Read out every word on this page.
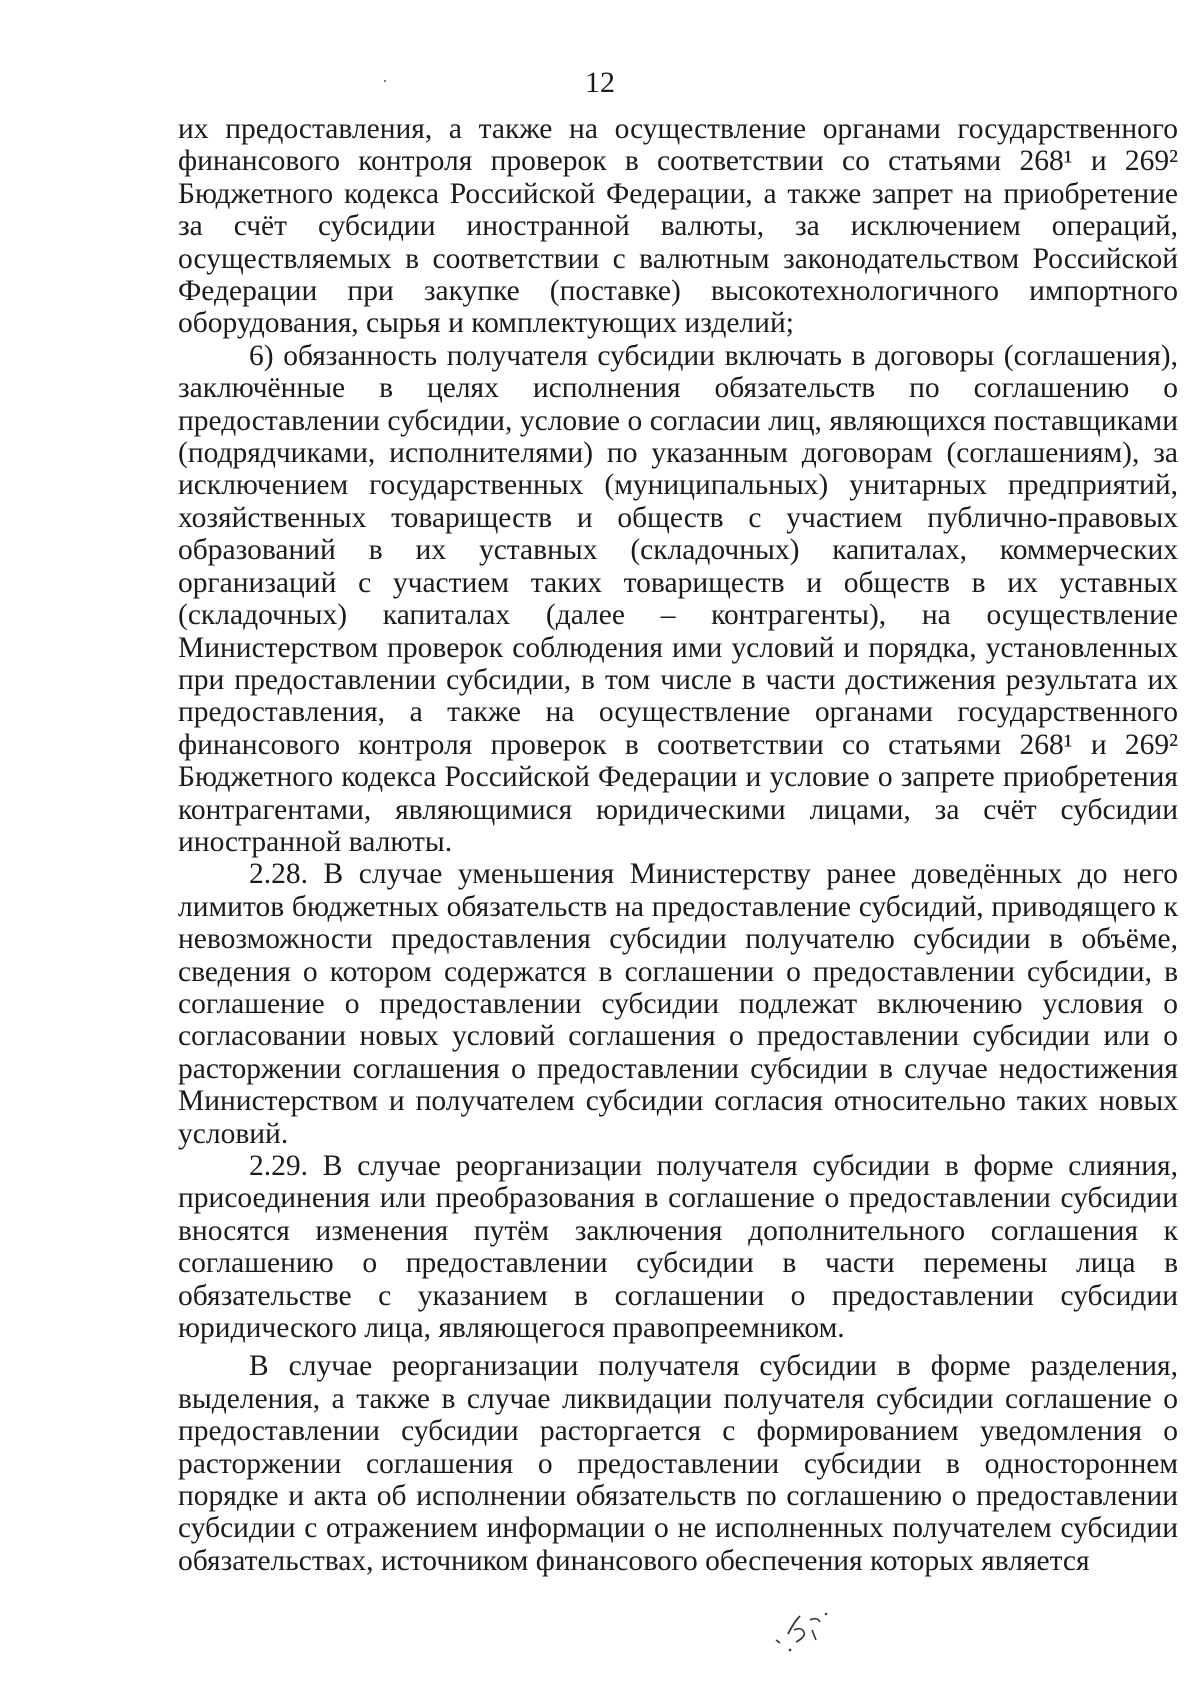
12

их предоставления, а также на осуществление органами государственного финансового контроля проверок в соответствии со статьями 268¹ и 269² Бюджетного кодекса Российской Федерации, а также запрет на приобретение за счёт субсидии иностранной валюты, за исключением операций, осуществляемых в соответствии с валютным законодательством Российской Федерации при закупке (поставке) высокотехнологичного импортного оборудования, сырья и комплектующих изделий;

6) обязанность получателя субсидии включать в договоры (соглашения), заключённые в целях исполнения обязательств по соглашению о предоставлении субсидии, условие о согласии лиц, являющихся поставщиками (подрядчиками, исполнителями) по указанным договорам (соглашениям), за исключением государственных (муниципальных) унитарных предприятий, хозяйственных товариществ и обществ с участием публично-правовых образований в их уставных (складочных) капиталах, коммерческих организаций с участием таких товариществ и обществ в их уставных (складочных) капиталах (далее – контрагенты), на осуществление Министерством проверок соблюдения ими условий и порядка, установленных при предоставлении субсидии, в том числе в части достижения результата их предоставления, а также на осуществление органами государственного финансового контроля проверок в соответствии со статьями 268¹ и 269² Бюджетного кодекса Российской Федерации и условие о запрете приобретения контрагентами, являющимися юридическими лицами, за счёт субсидии иностранной валюты.

2.28. В случае уменьшения Министерству ранее доведённых до него лимитов бюджетных обязательств на предоставление субсидий, приводящего к невозможности предоставления субсидии получателю субсидии в объёме, сведения о котором содержатся в соглашении о предоставлении субсидии, в соглашение о предоставлении субсидии подлежат включению условия о согласовании новых условий соглашения о предоставлении субсидии или о расторжении соглашения о предоставлении субсидии в случае недостижения Министерством и получателем субсидии согласия относительно таких новых условий.

2.29. В случае реорганизации получателя субсидии в форме слияния, присоединения или преобразования в соглашение о предоставлении субсидии вносятся изменения путём заключения дополнительного соглашения к соглашению о предоставлении субсидии в части перемены лица в обязательстве с указанием в соглашении о предоставлении субсидии юридического лица, являющегося правопреемником.

В случае реорганизации получателя субсидии в форме разделения, выделения, а также в случае ликвидации получателя субсидии соглашение о предоставлении субсидии расторгается с формированием уведомления о расторжении соглашения о предоставлении субсидии в одностороннем порядке и акта об исполнении обязательств по соглашению о предоставлении субсидии с отражением информации о не исполненных получателем субсидии обязательствах, источником финансового обеспечения которых является
